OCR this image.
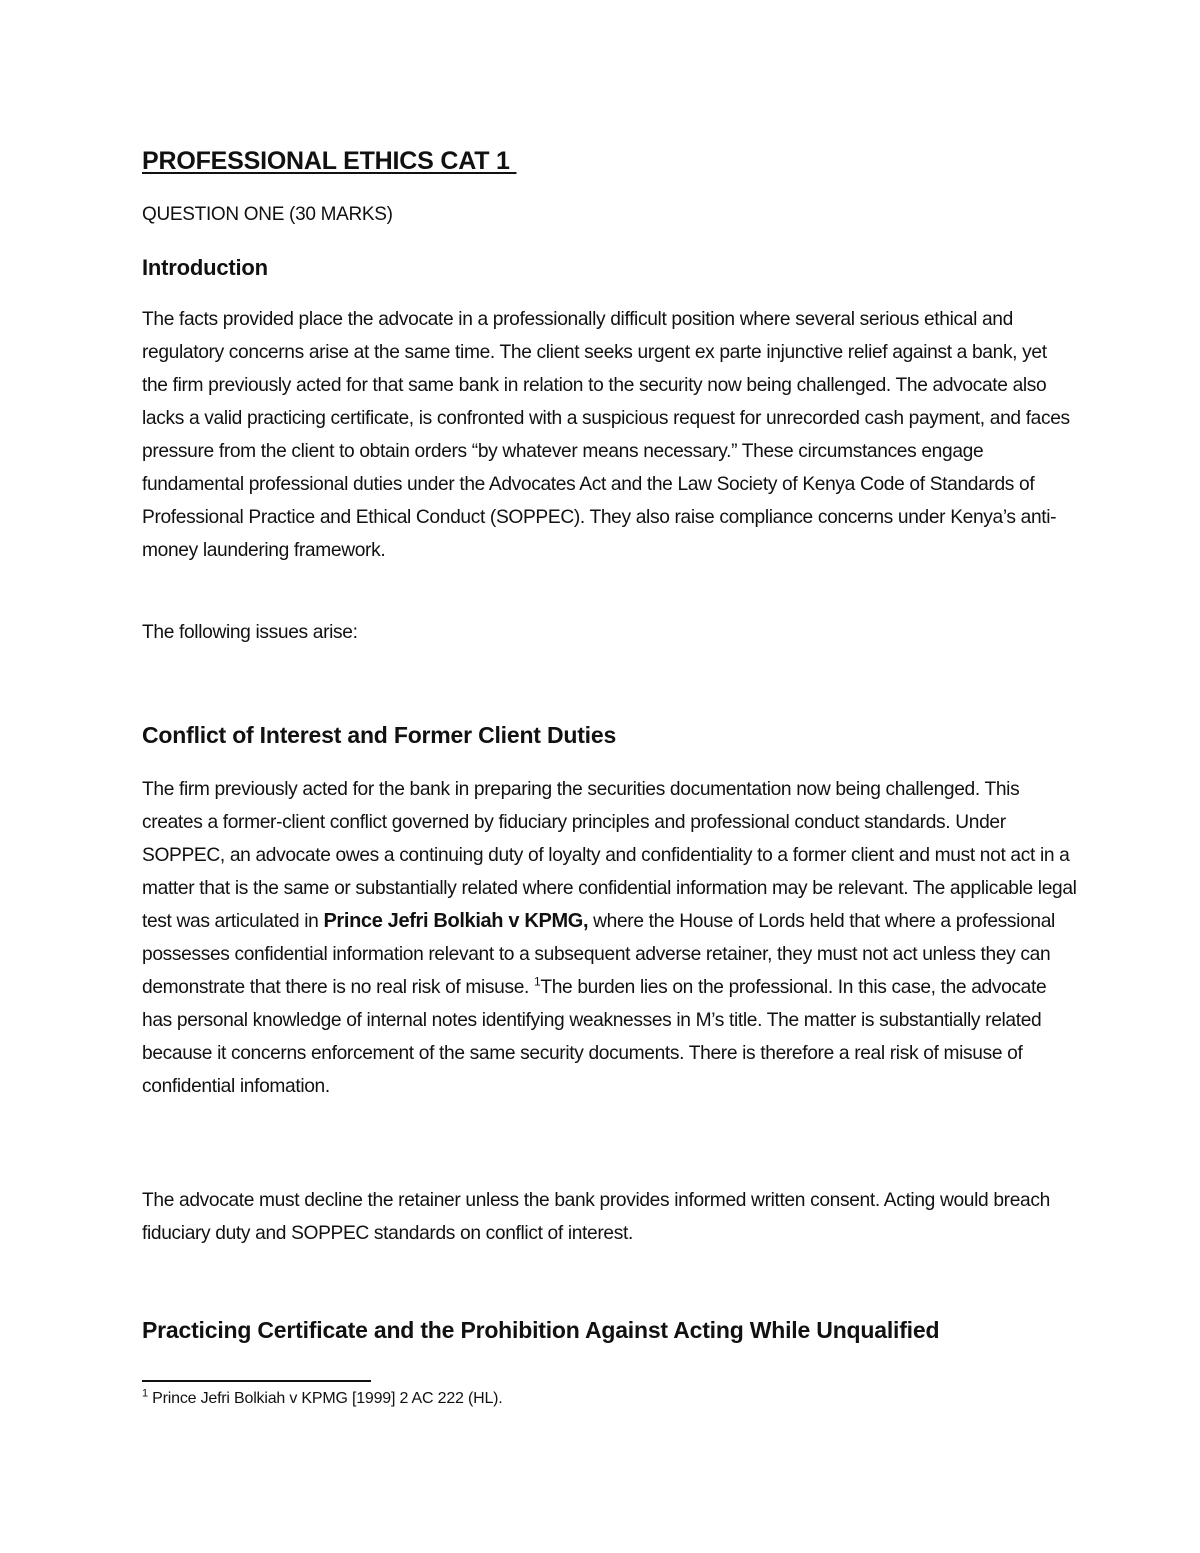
PROFESSIONAL ETHICS CAT 1

QUESTION ONE (30 MARKS)

Introduction

The facts provided place the advocate in a professionally difficult position where several serious ethical and regulatory concerns arise at the same time. The client seeks urgent ex parte injunctive relief against a bank, yet the firm previously acted for that same bank in relation to the security now being challenged. The advocate also lacks a valid practicing certificate, is confronted with a suspicious request for unrecorded cash payment, and faces pressure from the client to obtain orders “by whatever means necessary.” These circumstances engage fundamental professional duties under the Advocates Act and the Law Society of Kenya Code of Standards of Professional Practice and Ethical Conduct (SOPPEC). They also raise compliance concerns under Kenya’s anti-money laundering framework.

The following issues arise:

Conflict of Interest and Former Client Duties

The firm previously acted for the bank in preparing the securities documentation now being challenged. This creates a former-client conflict governed by fiduciary principles and professional conduct standards. Under SOPPEC, an advocate owes a continuing duty of loyalty and confidentiality to a former client and must not act in a matter that is the same or substantially related where confidential information may be relevant. The applicable legal test was articulated in Prince Jefri Bolkiah v KPMG, where the House of Lords held that where a professional possesses confidential information relevant to a subsequent adverse retainer, they must not act unless they can demonstrate that there is no real risk of misuse. $^1$The burden lies on the professional. In this case, the advocate has personal knowledge of internal notes identifying weaknesses in M’s title. The matter is substantially related because it concerns enforcement of the same security documents. There is therefore a real risk of misuse of confidential infomation.

The advocate must decline the retainer unless the bank provides informed written consent. Acting would breach fiduciary duty and SOPPEC standards on conflict of interest.

Practicing Certificate and the Prohibition Against Acting While Unqualified

$^1$ Prince Jefri Bolkiah v KPMG [1999] 2 AC 222 (HL).
